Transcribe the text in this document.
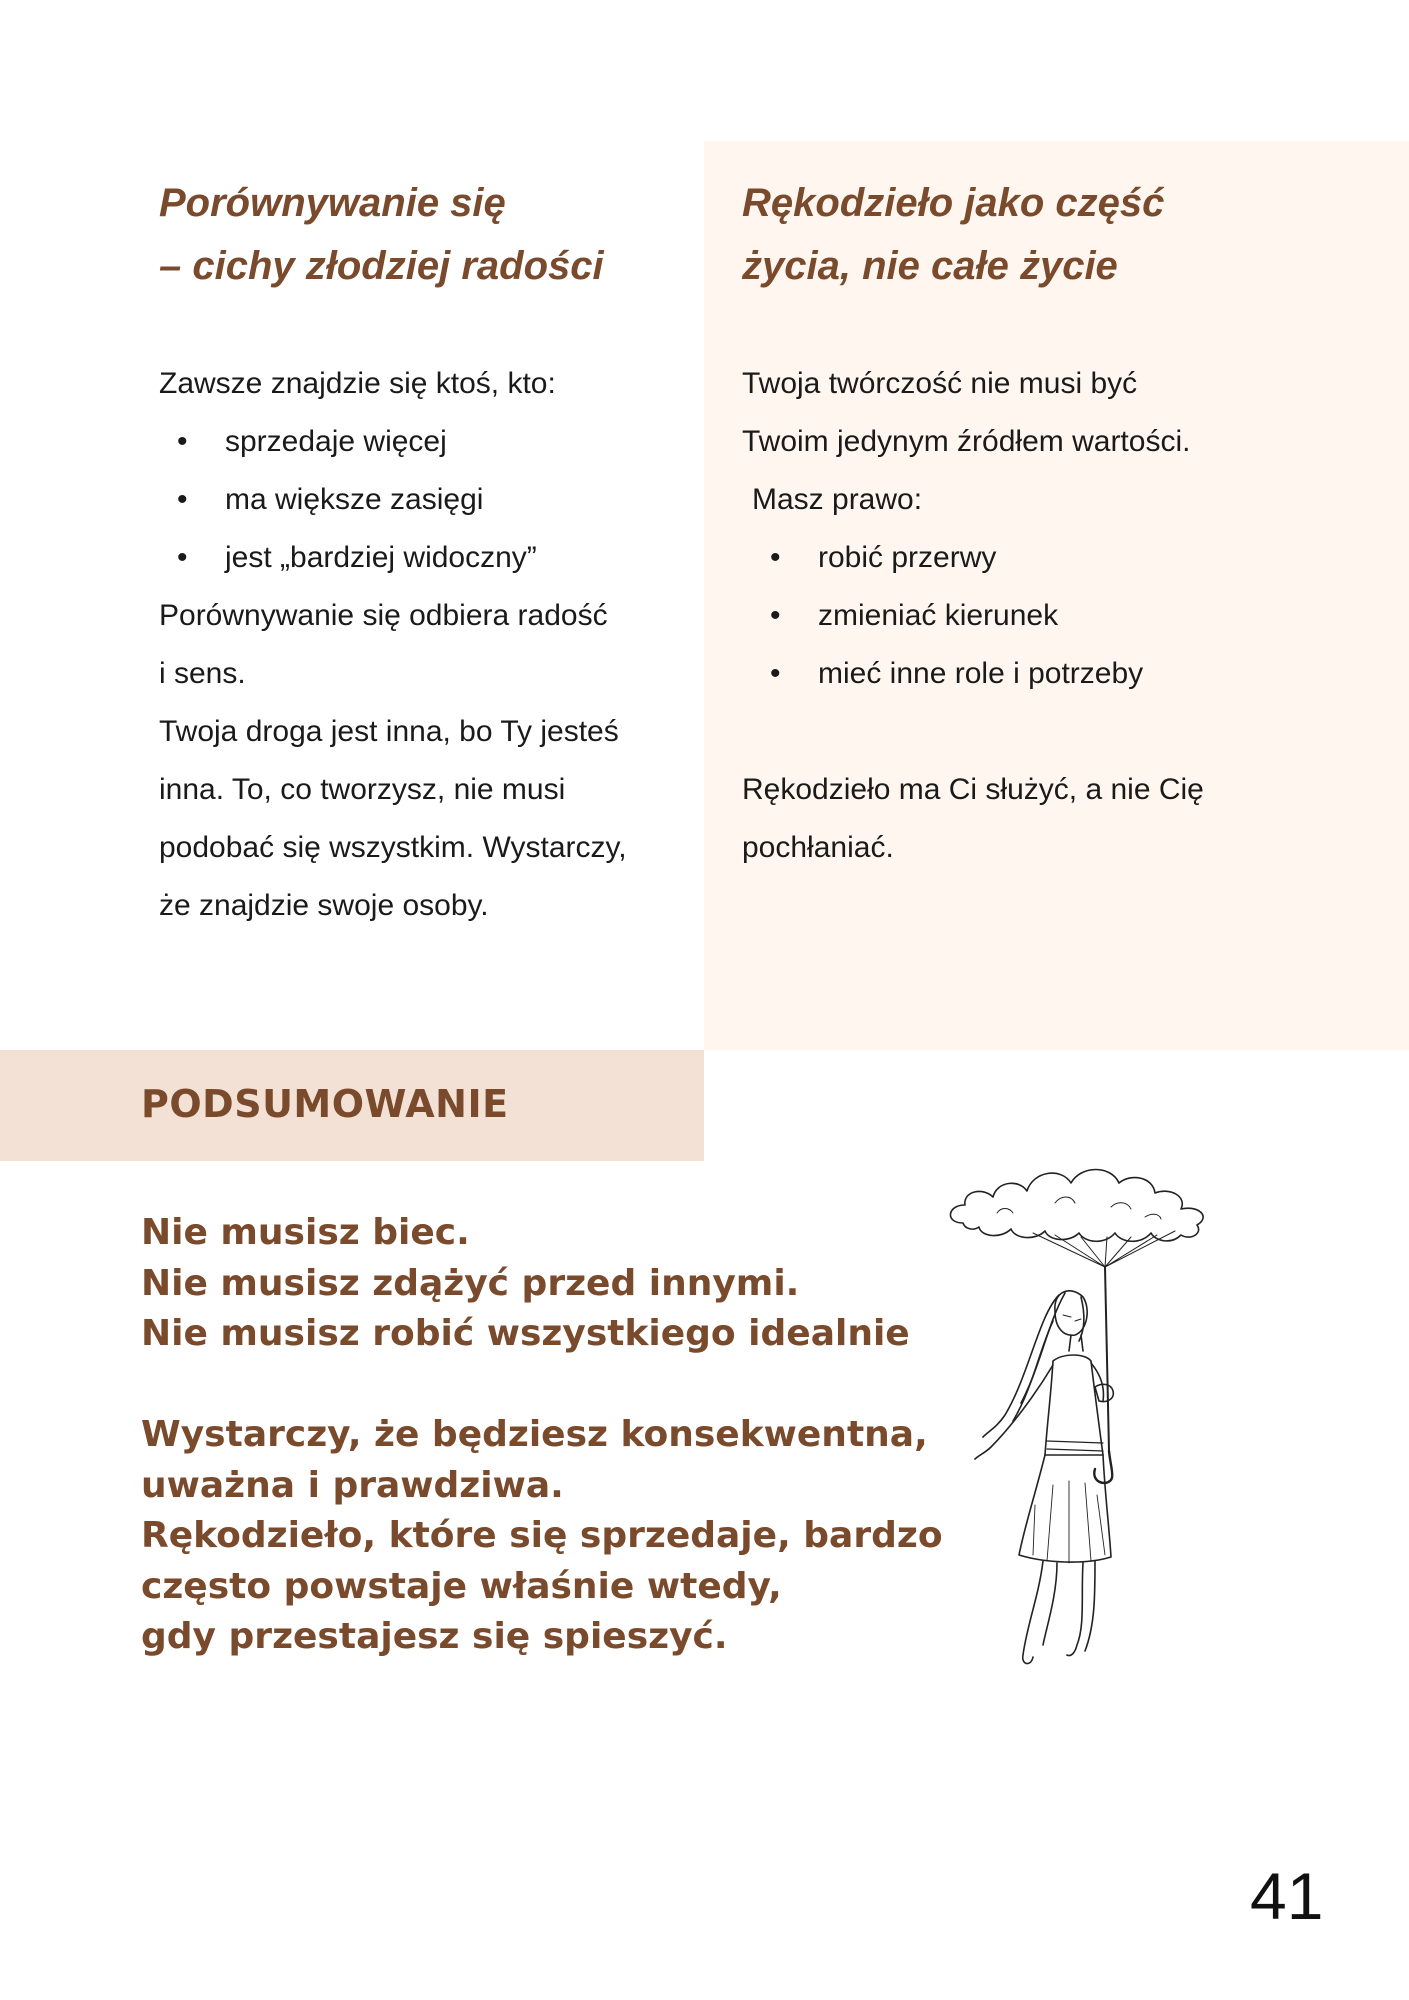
Porównywanie się
– cichy złodziej radości
Zawsze znajdzie się ktoś, kto:
• sprzedaje więcej
• ma większe zasięgi
• jest „bardziej widoczny”
Porównywanie się odbiera radość
i sens.
Twoja droga jest inna, bo Ty jesteś
inna. To, co tworzysz, nie musi
podobać się wszystkim. Wystarczy,
że znajdzie swoje osoby.
Rękodzieło jako część
życia, nie całe życie
Twoja twórczość nie musi być
Twoim jedynym źródłem wartości.
Masz prawo:
• robić przerwy
• zmieniać kierunek
• mieć inne role i potrzeby
Rękodzieło ma Ci służyć, a nie Cię
pochłaniać.
PODSUMOWANIE
Nie musisz biec.
Nie musisz zdążyć przed innymi.
Nie musisz robić wszystkiego idealnie
Wystarczy, że będziesz konsekwentna,
uważna i prawdziwa.
Rękodzieło, które się sprzedaje, bardzo
często powstaje właśnie wtedy,
gdy przestajesz się spieszyć.
41
